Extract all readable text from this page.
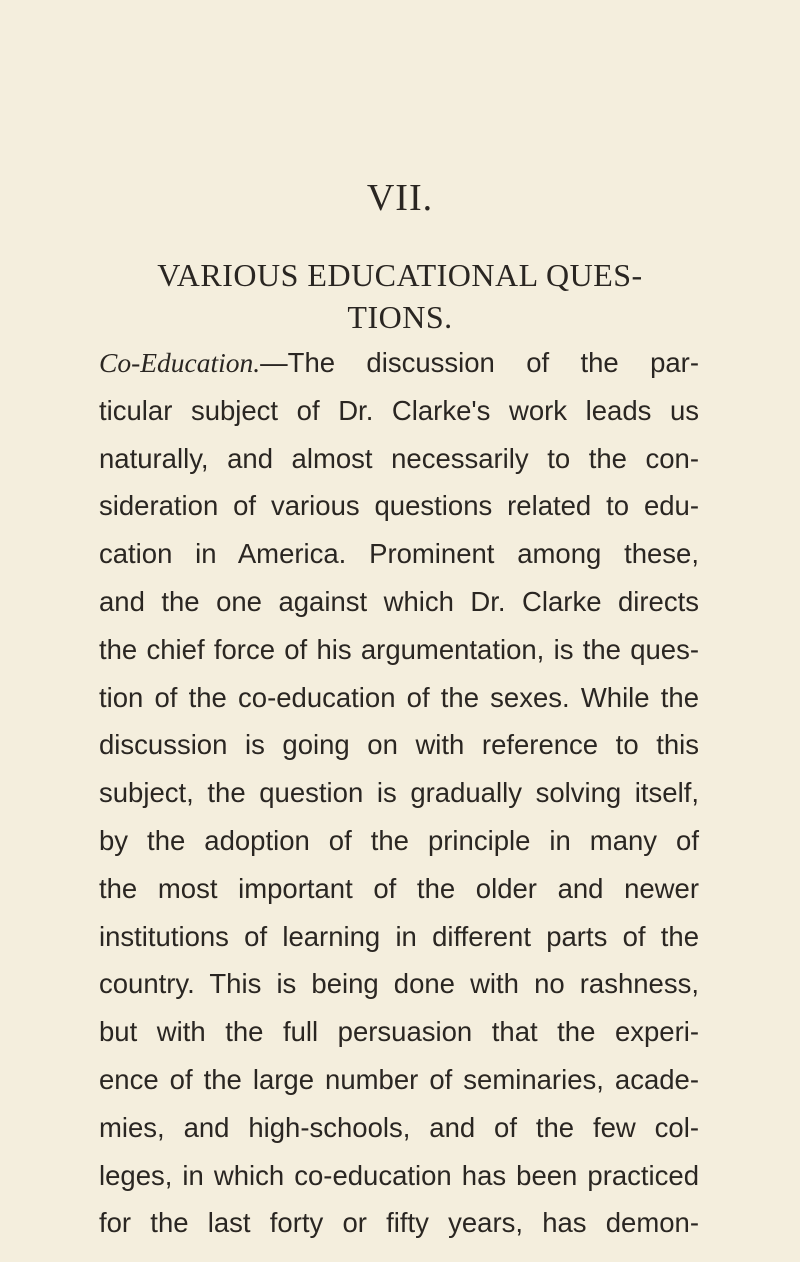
VII.
VARIOUS EDUCATIONAL QUES-
TIONS.
Co-Education.—The discussion of the par-
ticular subject of Dr. Clarke's work leads us
naturally, and almost necessarily to the con-
sideration of various questions related to edu-
cation in America. Prominent among these,
and the one against which Dr. Clarke directs
the chief force of his argumentation, is the ques-
tion of the co-education of the sexes. While the
discussion is going on with reference to this
subject, the question is gradually solving itself,
by the adoption of the principle in many of
the most important of the older and newer
institutions of learning in different parts of the
country. This is being done with no rashness,
but with the full persuasion that the experi-
ence of the large number of seminaries, acade-
mies, and high-schools, and of the few col-
leges, in which co-education has been practiced
for the last forty or fifty years, has demon-
